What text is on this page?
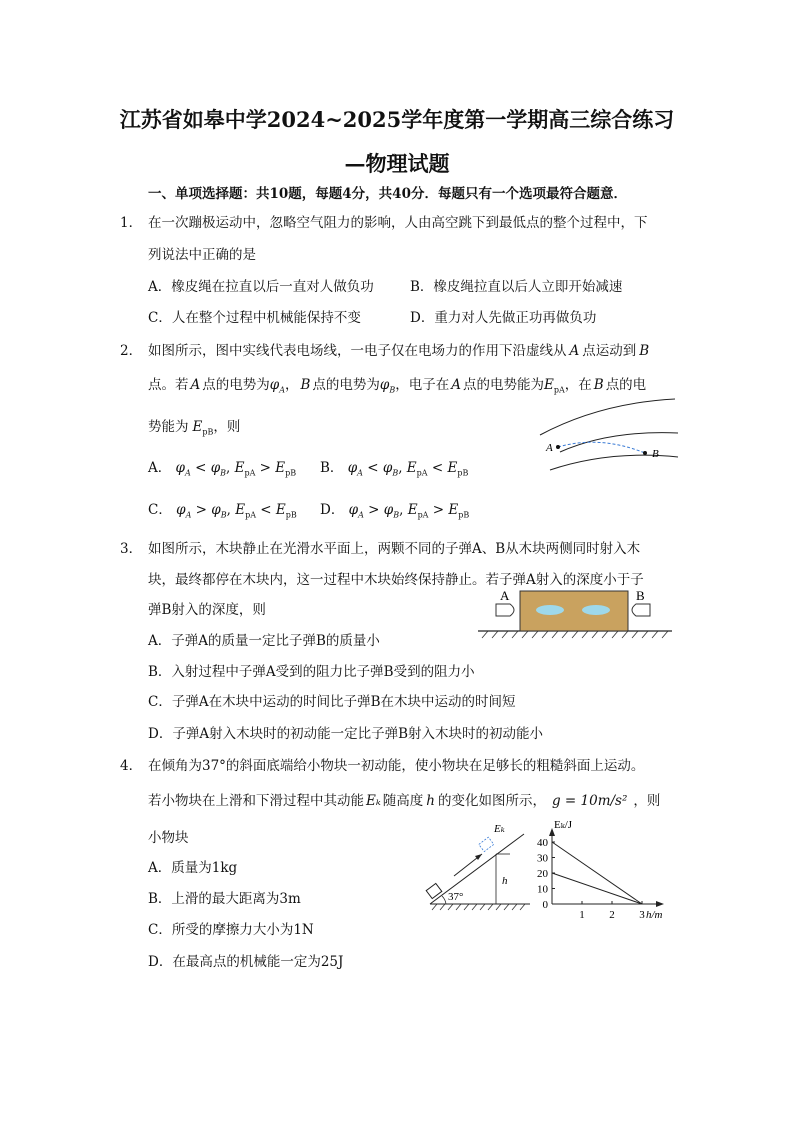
江苏省如皋中学2024~2025学年度第一学期高三综合练习
—物理试题
一、单项选择题：共10题，每题4分，共40分．每题只有一个选项最符合题意．
1． 在一次蹦极运动中，忽略空气阻力的影响，人由高空跳下到最低点的整个过程中，下
列说法中正确的是
A．橡皮绳在拉直以后一直对人做负功	B．橡皮绳拉直以后人立即开始减速
C．人在整个过程中机械能保持不变	D．重力对人先做正功再做负功
2． 如图所示，图中实线代表电场线，一电子仅在电场力的作用下沿虚线从 A 点运动到 B
点。若 A 点的电势为$\varphi_A$， B 点的电势为$\varphi_B$，电子在 A 点的电势能为$E_{pA}$，在 B 点的电
势能为 $E_{pB}$，则
A． $\varphi_A < \varphi_B$, $E_{pA} > E_{pB}$ B． $\varphi_A < \varphi_B$, $E_{pA} < E_{pB}$
C． $\varphi_A > \varphi_B$, $E_{pA} < E_{pB}$ D． $\varphi_A > \varphi_B$, $E_{pA} > E_{pB}$
A	B
3． 如图所示，木块静止在光滑水平面上，两颗不同的子弹A、B从木块两侧同时射入木
块，最终都停在木块内，这一过程中木块始终保持静止。若子弹A射入的深度小于子
弹B射入的深度，则
A．子弹A的质量一定比子弹B的质量小
B．入射过程中子弹A受到的阻力比子弹B受到的阻力小
C．子弹A在木块中运动的时间比子弹B在木块中运动的时间短
D．子弹A射入木块时的初动能一定比子弹B射入木块时的初动能小
A	B
4． 在倾角为37°的斜面底端给小物块一初动能，使小物块在足够长的粗糙斜面上运动。
若小物块在上滑和下滑过程中其动能 Eₖ 随高度 h 的变化如图所示， g = 10m/s² ，则
小物块
A．质量为1kg
B．上滑的最大距离为3m
C．所受的摩擦力大小为1N
D．在最高点的机械能一定为25J
37°
Eₖ
h
0
10
20
30
40
1 2 3
Eₖ/J
h/m
